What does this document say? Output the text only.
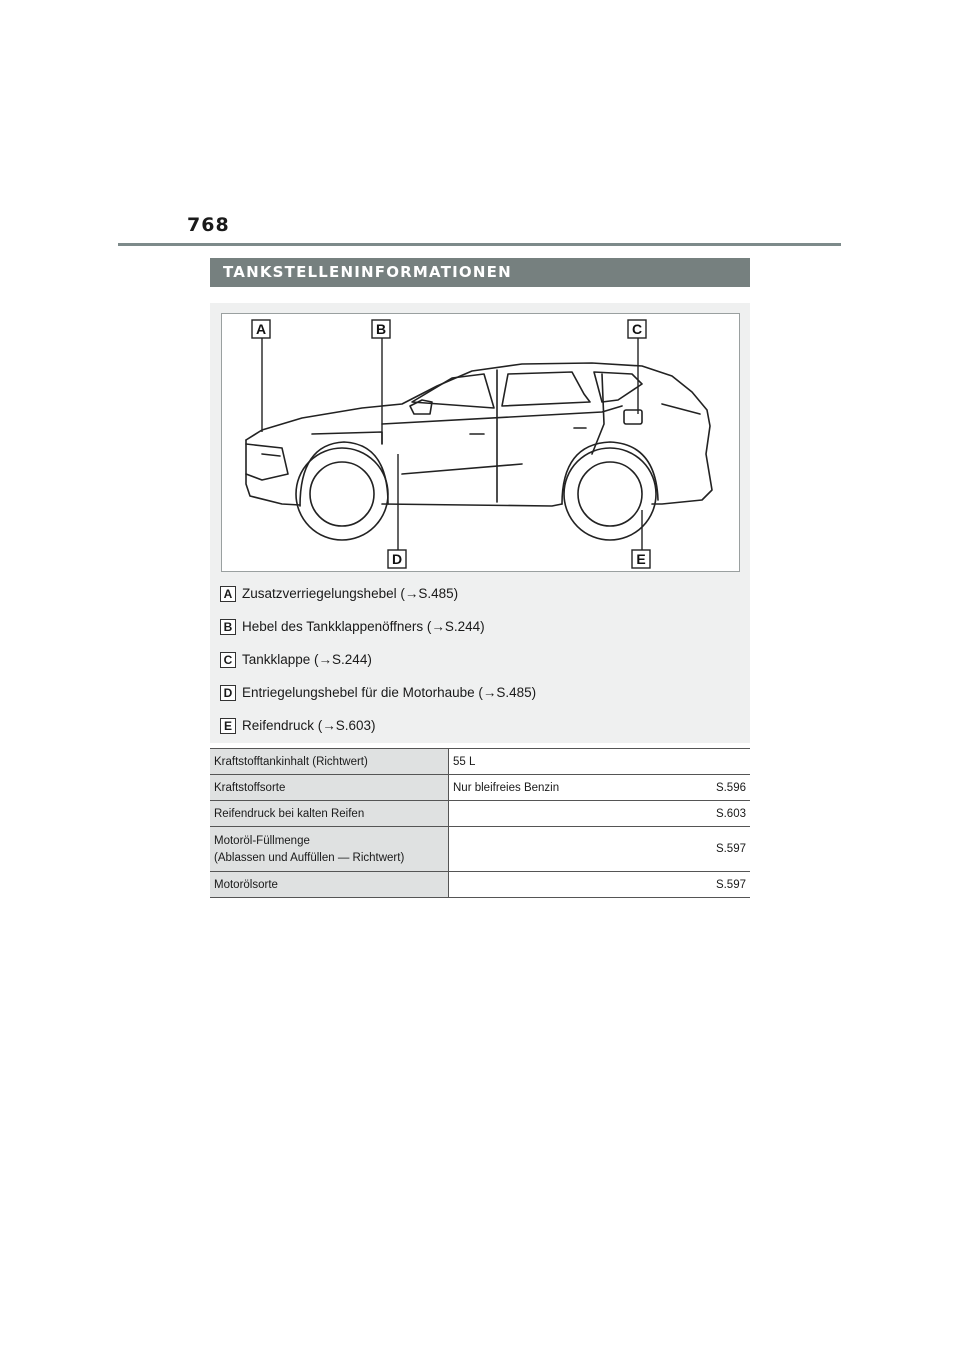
768
TANKSTELLENINFORMATIONEN
A	B	C
D	E
A Zusatzverriegelungshebel (→S.485)
B Hebel des Tankklappenöffners (→S.244)
C Tankklappe (→S.244)
D Entriegelungshebel für die Motorhaube (→S.485)
E Reifendruck (→S.603)
Kraftstofftankinhalt (Richtwert)	55 L

Kraftstoffsorte	Nur bleifreies Benzin S.596

Reifendruck bei kalten Reifen	S.603

Motoröl-Füllmenge
(Ablassen und Auffüllen — Richtwert)	S.597

Motorölsorte	S.597
